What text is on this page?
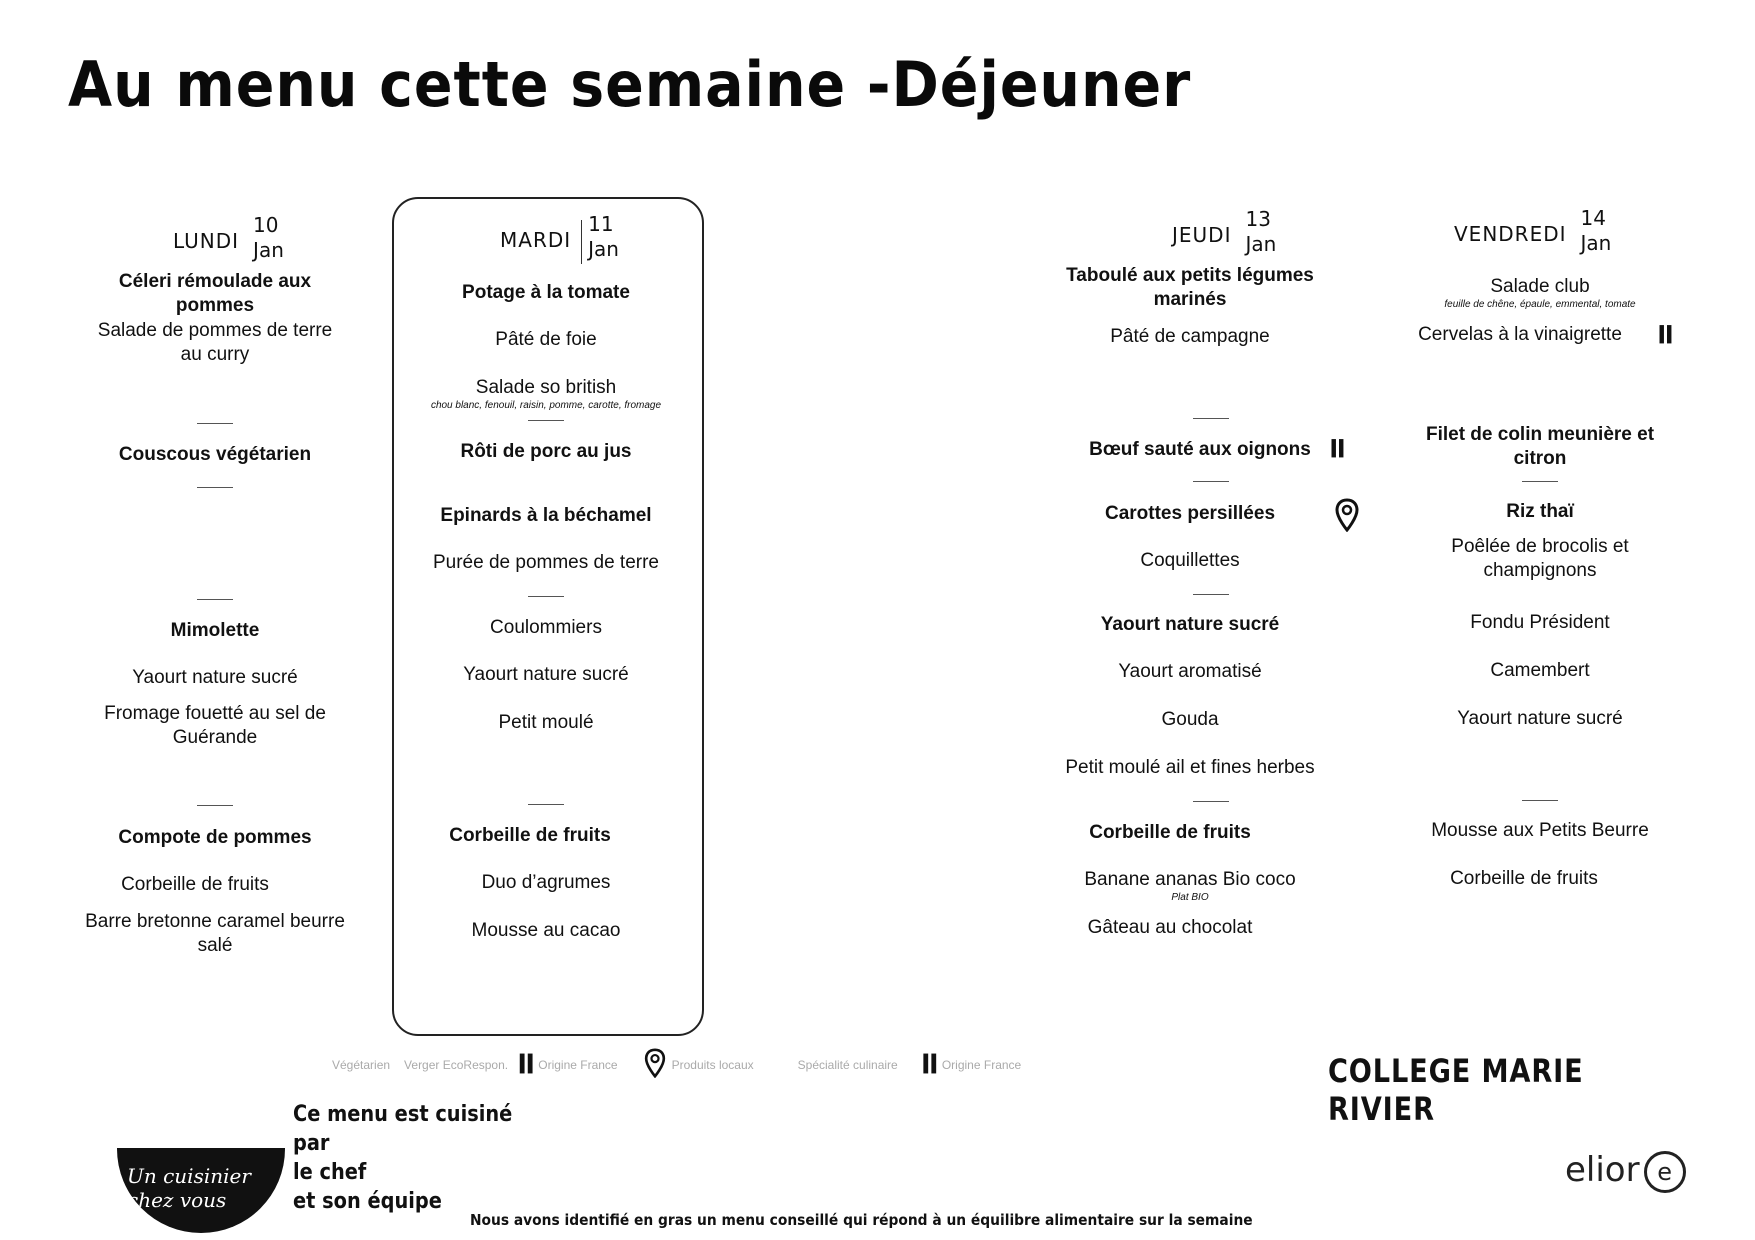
Au menu cette semaine -Déjeuner
LUNDI
10
Jan
Céleri rémoulade aux pommes
Salade de pommes de terre au curry
Couscous végétarien
Mimolette
Yaourt nature sucré
Fromage fouetté au sel de Guérande
Compote de pommes
Corbeille de fruits
Barre bretonne caramel beurre salé
MARDI
11
Jan
Potage à la tomate
Pâté de foie
Salade so british
chou blanc, fenouil, raisin, pomme, carotte, fromage
Rôti de porc au jus
Epinards à la béchamel
Purée de pommes de terre
Coulommiers
Yaourt nature sucré
Petit moulé
Corbeille de fruits
Duo d’agrumes
Mousse au cacao
JEUDI
13
Jan
Taboulé aux petits légumes marinés
Pâté de campagne
Bœuf sauté aux oignons
Carottes persillées
Coquillettes
Yaourt nature sucré
Yaourt aromatisé
Gouda
Petit moulé ail et fines herbes
Corbeille de fruits
Banane ananas Bio coco
Plat BIO
Gâteau au chocolat
VENDREDI
14
Jan
Salade club
feuille de chêne, épaule, emmental, tomate
Cervelas à la vinaigrette
Filet de colin meunière et citron
Riz thaï
Poêlée de brocolis et champignons
Fondu Président
Camembert
Yaourt nature sucré
Mousse aux Petits Beurre
Corbeille de fruits
𝐈𝐈
𝐈𝐈
Végétarien Verger EcoRespon. 𝐈𝐈 Origine France	Produits locaux	Spécialité culinaire 𝐈𝐈 Origine France	COLLEGE MARIE RIVIER
Un cuisinier chez vous
Ce menu est cuisiné par
le chef
et son équipe
elior e
Nous avons identifié en gras un menu conseillé qui répond à un équilibre alimentaire sur la semaine
